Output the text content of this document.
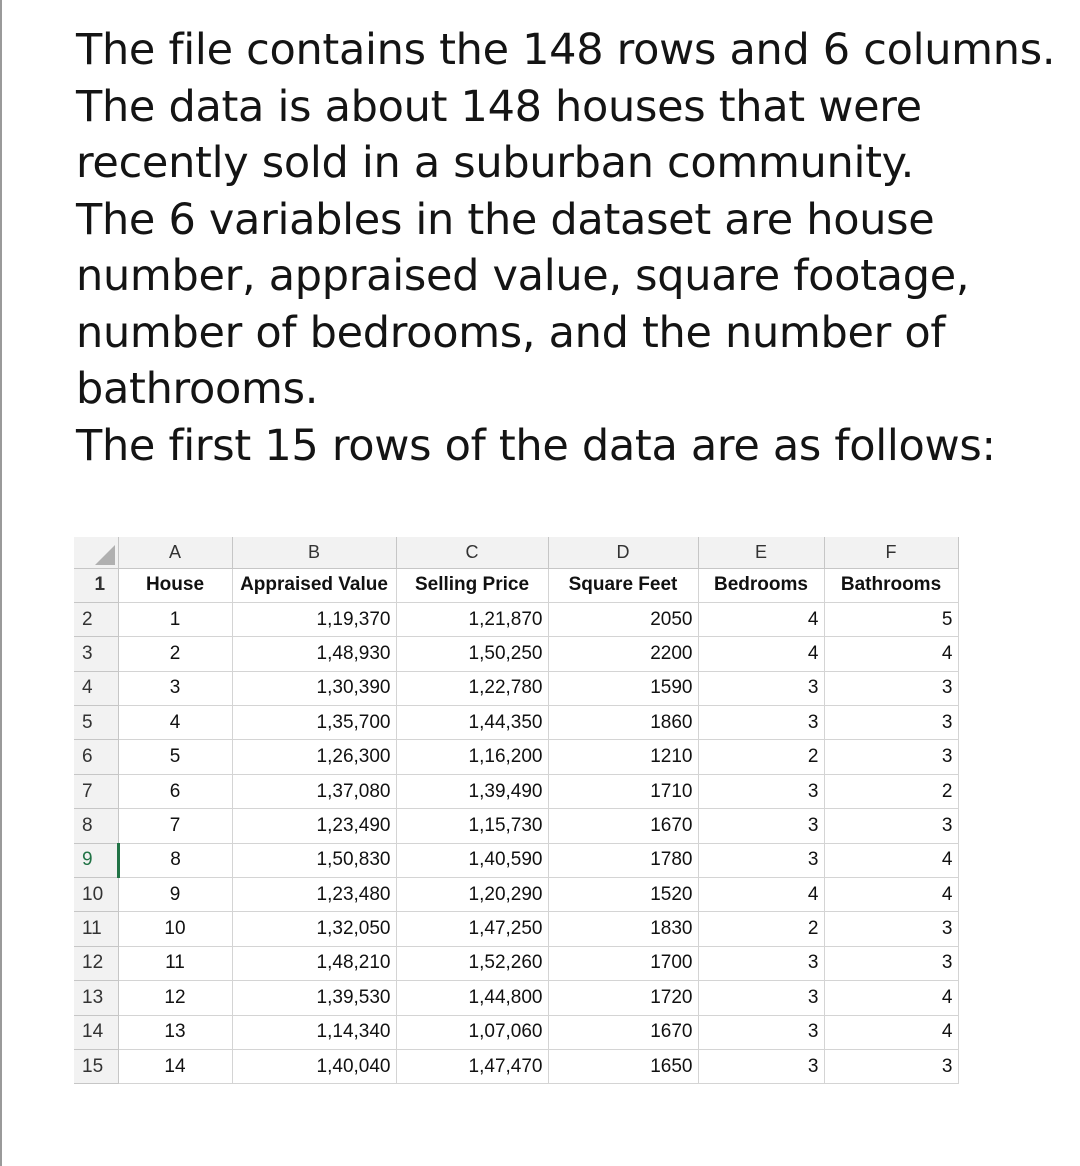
The file contains the 148 rows and 6 columns. The data is about 148 houses that were recently sold in a suburban community.

The 6 variables in the dataset are house number, appraised value, square footage, number of bedrooms, and the number of bathrooms.

The first 15 rows of the data are as follows:

	A	B	C	D	E	F
1	House	Appraised Value	Selling Price	Square Feet	Bedrooms	Bathrooms
2	1	1,19,370	1,21,870	2050	4	5
3	2	1,48,930	1,50,250	2200	4	4
4	3	1,30,390	1,22,780	1590	3	3
5	4	1,35,700	1,44,350	1860	3	3
6	5	1,26,300	1,16,200	1210	2	3
7	6	1,37,080	1,39,490	1710	3	2
8	7	1,23,490	1,15,730	1670	3	3
9	8	1,50,830	1,40,590	1780	3	4
10	9	1,23,480	1,20,290	1520	4	4
11	10	1,32,050	1,47,250	1830	2	3
12	11	1,48,210	1,52,260	1700	3	3
13	12	1,39,530	1,44,800	1720	3	4
14	13	1,14,340	1,07,060	1670	3	4
15	14	1,40,040	1,47,470	1650	3	3
